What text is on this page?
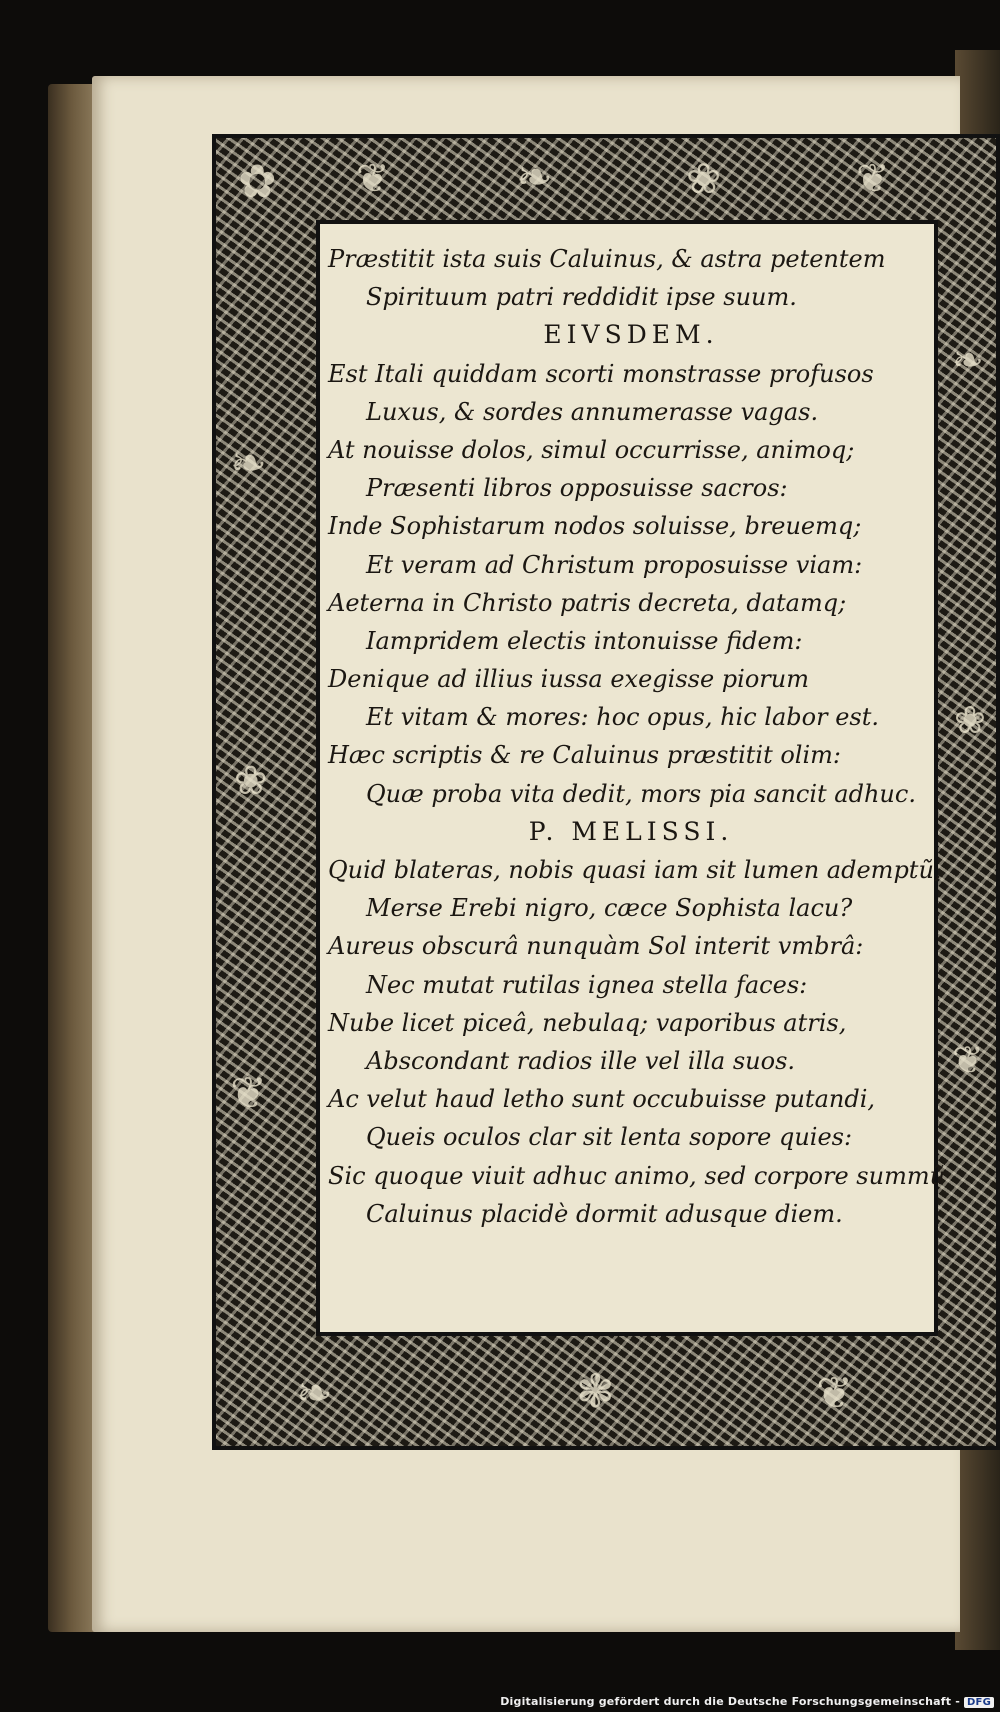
✿ ❦	❧	❀	❦
❧
❀
❦
❧
❀
❦
❧	❃	❦
Præstitit ista suis Caluinus, & astra petentem
Spirituum patri reddidit ipse suum.
EIVSDEM.
Est Itali quiddam scorti monstrasse profusos
Luxus, & sordes annumerasse vagas.
At nouisse dolos, simul occurrisse, animoq;
Præsenti libros opposuisse sacros:
Inde Sophistarum nodos soluisse, breuemq;
Et veram ad Christum proposuisse viam:
Aeterna in Christo patris decreta, datamq;
Iampridem electis intonuisse fidem:
Denique ad illius iussa exegisse piorum
Et vitam & mores: hoc opus, hic labor est.
Hæc scriptis & re Caluinus præstitit olim:
Quæ proba vita dedit, mors pia sancit adhuc.
P. MELISSI.
Quid blateras, nobis quasi iam sit lumen ademptũ,
Merse Erebi nigro, cæce Sophista lacu?
Aureus obscurâ nunquàm Sol interit vmbrâ:
Nec mutat rutilas ignea stella faces:
Nube licet piceâ, nebulaq; vaporibus atris,
Abscondant radios ille vel illa suos.
Ac velut haud letho sunt occubuisse putandi,
Queis oculos clar sit lenta sopore quies:
Sic quoque viuit adhuc animo, sed corpore summũ
Caluinus placidè dormit adusque diem.
Digitalisierung gefördert durch die Deutsche Forschungsgemeinschaft - DFG
